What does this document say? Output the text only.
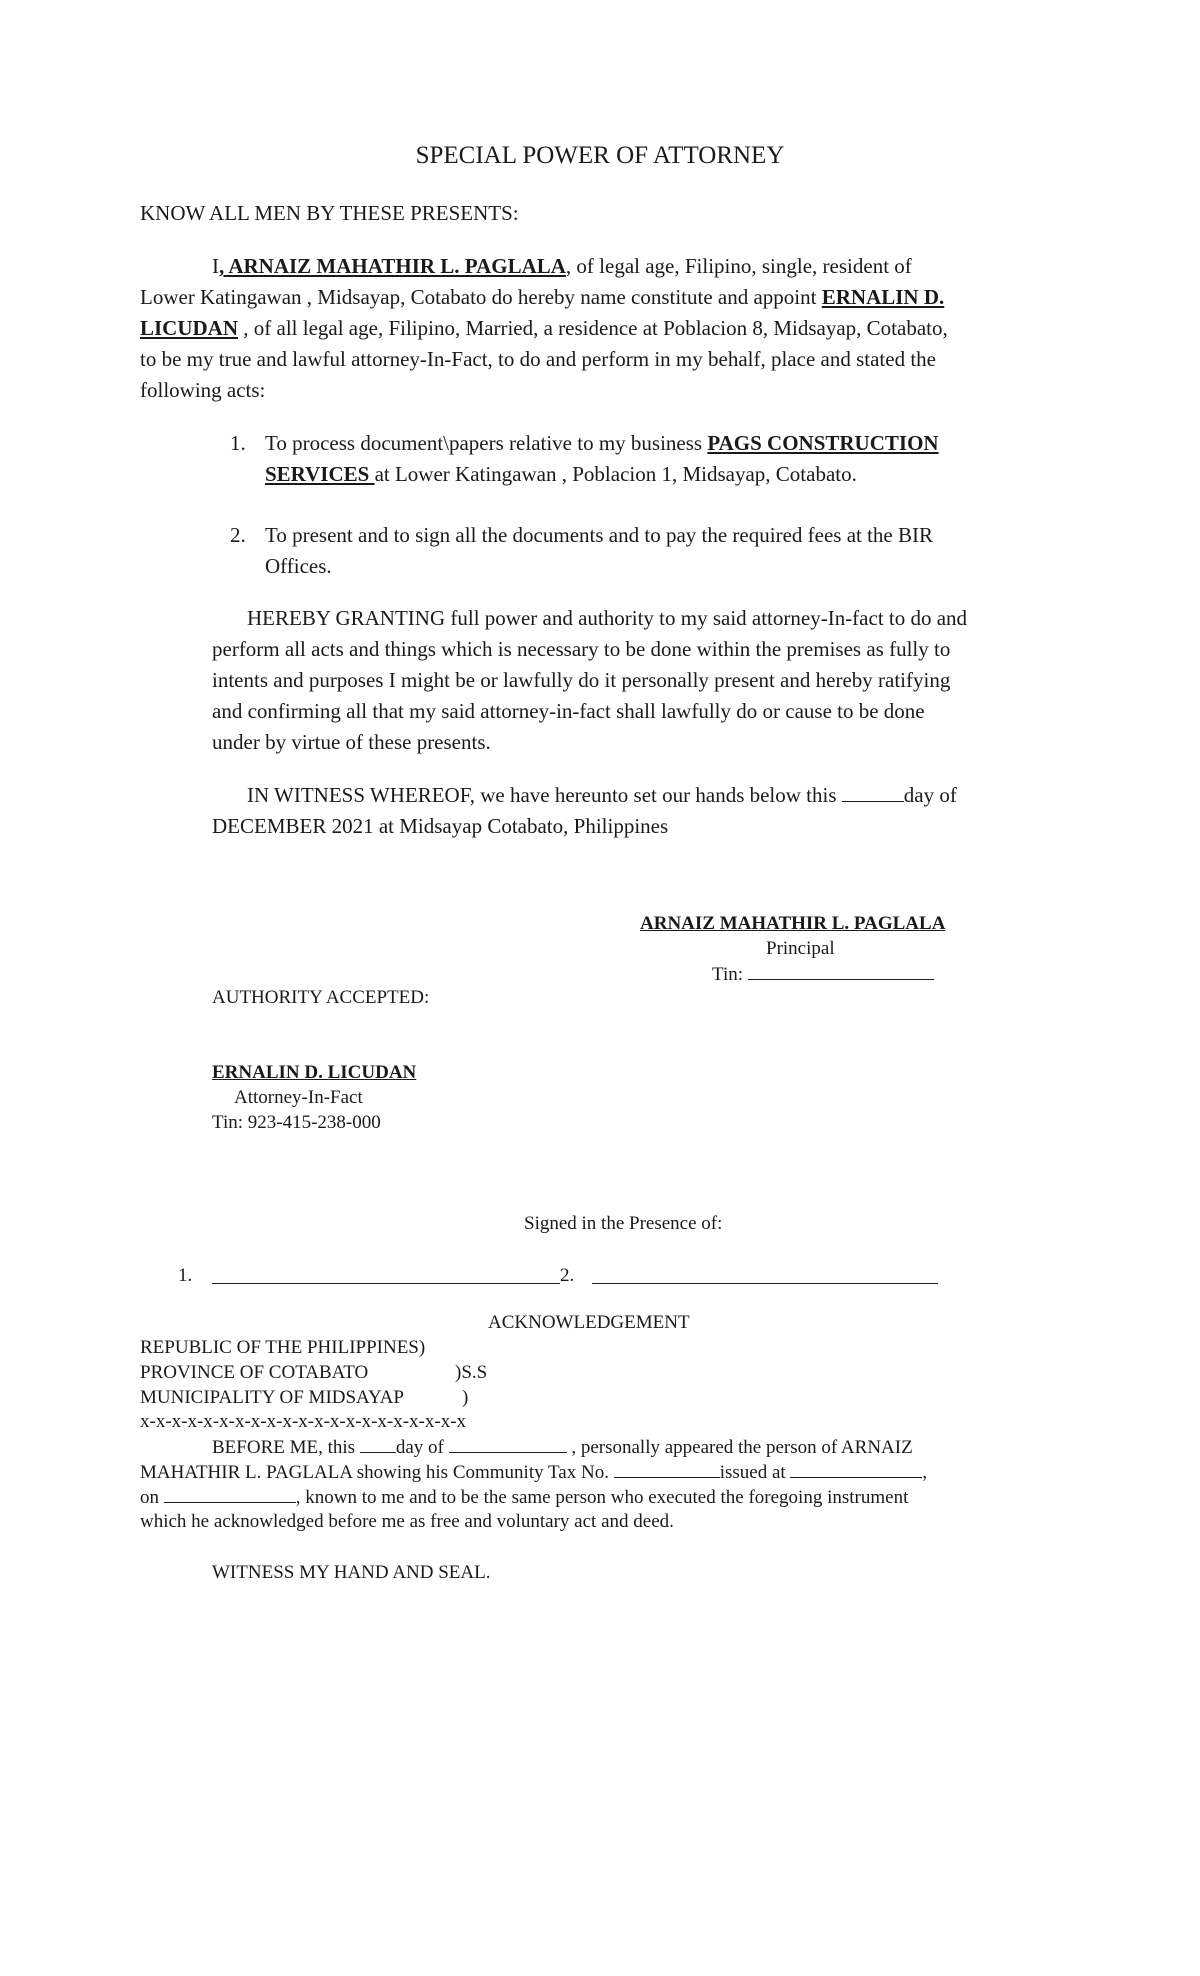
SPECIAL POWER OF ATTORNEY
KNOW ALL MEN BY THESE PRESENTS:
I, ARNAIZ MAHATHIR L. PAGLALA, of legal age, Filipino, single, resident of
Lower Katingawan , Midsayap, Cotabato do hereby name constitute and appoint ERNALIN D.
LICUDAN , of all legal age, Filipino, Married, a residence at Poblacion 8, Midsayap, Cotabato,
to be my true and lawful attorney-In-Fact, to do and perform in my behalf, place and stated the
following acts:
1. To process document\papers relative to my business PAGS CONSTRUCTION
SERVICES at Lower Katingawan , Poblacion 1, Midsayap, Cotabato.
2. To present and to sign all the documents and to pay the required fees at the BIR
Offices.
HEREBY GRANTING full power and authority to my said attorney-In-fact to do and
perform all acts and things which is necessary to be done within the premises as fully to
intents and purposes I might be or lawfully do it personally present and hereby ratifying
and confirming all that my said attorney-in-fact shall lawfully do or cause to be done
under by virtue of these presents.
IN WITNESS WHEREOF, we have hereunto set our hands below this	day of
DECEMBER 2021 at Midsayap Cotabato, Philippines
ARNAIZ MAHATHIR L. PAGLALA
Principal
Tin:
AUTHORITY ACCEPTED:
ERNALIN D. LICUDAN
Attorney-In-Fact
Tin: 923-415-238-000
Signed in the Presence of:
1.	2.
ACKNOWLEDGEMENT
REPUBLIC OF THE PHILIPPINES)
PROVINCE OF COTABATO	)S.S
MUNICIPALITY OF MIDSAYAP	)
x-x-x-x-x-x-x-x-x-x-x-x-x-x-x-x-x-x-x-x-x
BEFORE ME, this day of	, personally appeared the person of ARNAIZ
MAHATHIR L. PAGLALA showing his Community Tax No.	issued at	,
on	, known to me and to be the same person who executed the foregoing instrument
which he acknowledged before me as free and voluntary act and deed.
WITNESS MY HAND AND SEAL.
